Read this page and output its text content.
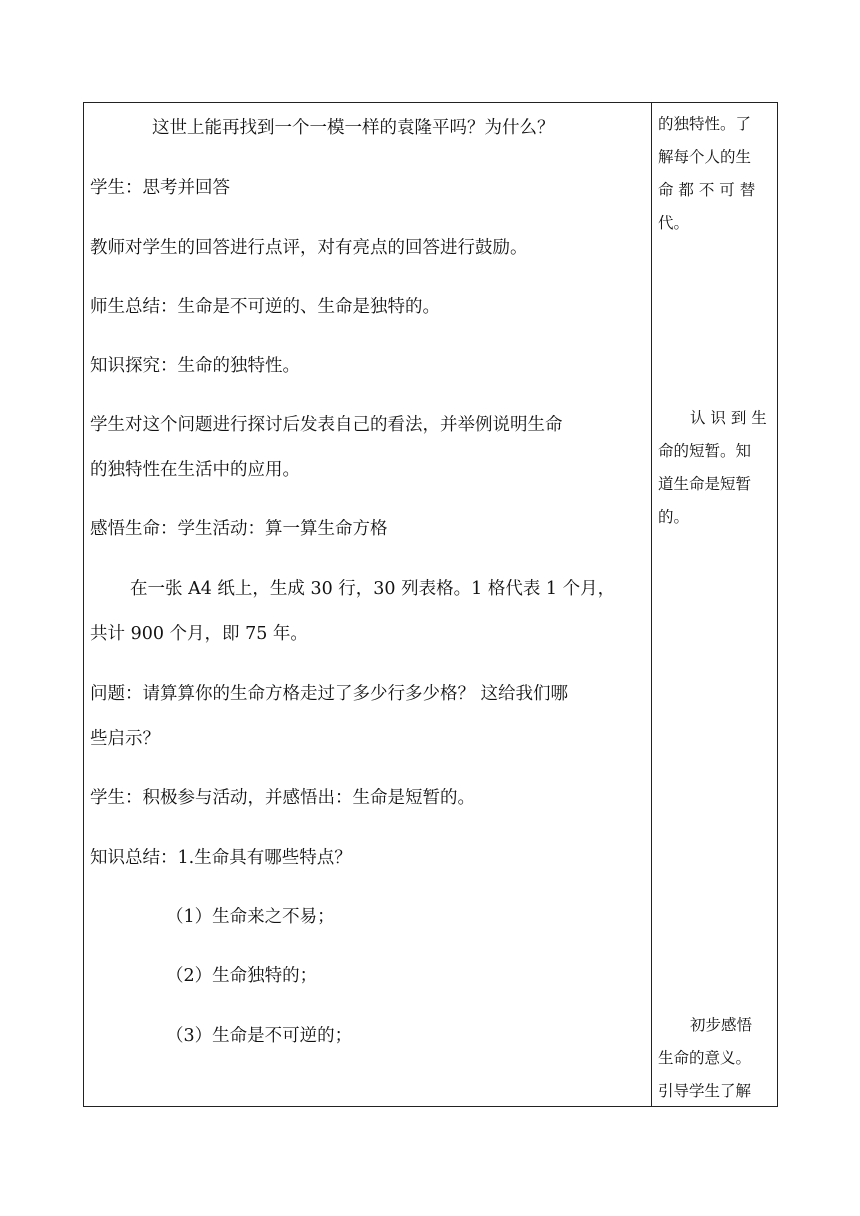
这世上能再找到一个一模一样的袁隆平吗？为什么？
学生：思考并回答
教师对学生的回答进行点评，对有亮点的回答进行鼓励。
师生总结：生命是不可逆的、生命是独特的。
知识探究：生命的独特性。
学生对这个问题进行探讨后发表自己的看法，并举例说明生命
的独特性在生活中的应用。
感悟生命：学生活动：算一算生命方格
在一张 A4 纸上，生成 30 行，30 列表格。1 格代表 1 个月，
共计 900 个月，即 75 年。
问题：请算算你的生命方格走过了多少行多少格？ 这给我们哪
些启示？
学生：积极参与活动，并感悟出：生命是短暂的。
知识总结：1.生命具有哪些特点？
（1）生命来之不易；
（2）生命独特的；
（3）生命是不可逆的；
的独特性。了
解每个人的生
命 都 不 可 替
代。
认 识 到 生
命的短暂。知
道生命是短暂
的。
初步感悟
生命的意义。
引导学生了解
